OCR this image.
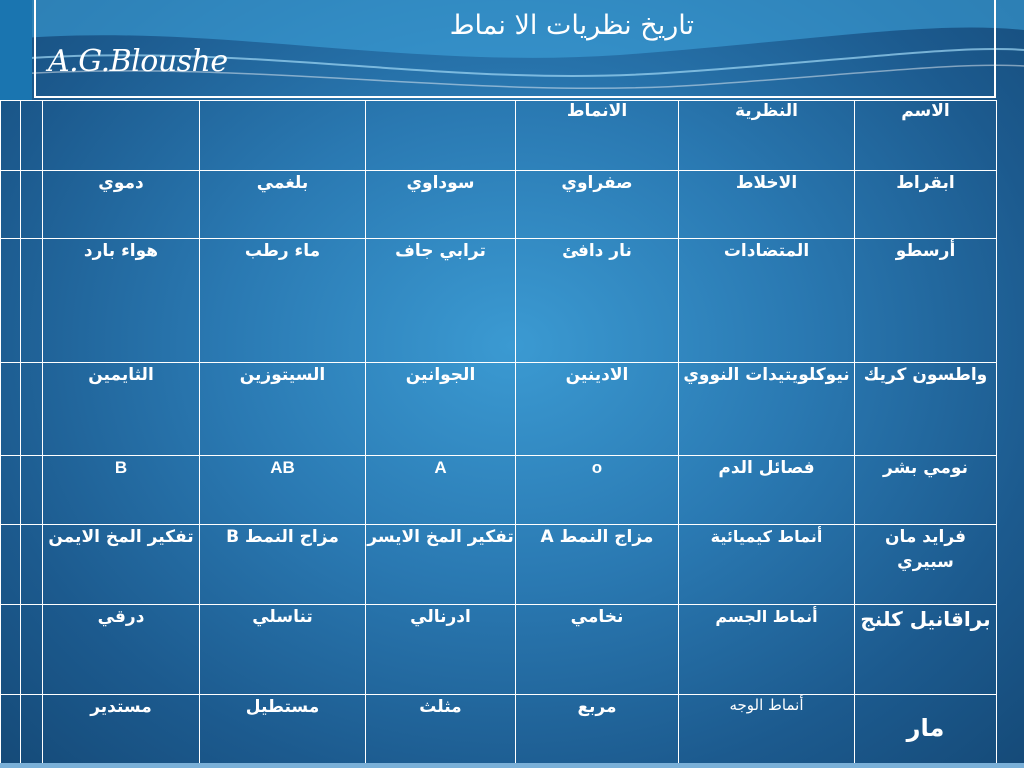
تاريخ نظريات الا نماط
A.G.Bloushe
					الانماط	النظرية	الاسم
		دموي	بلغمي	سوداوي	صفراوي	الاخلاط	ابقراط
		هواء بارد	ماء رطب	ترابي جاف	نار دافئ	المتضادات	أرسطو
		الثايمين	السيتوزين	الجوانين	الادينين	نيوكلويتيدات النووي	واطسون كريك
		B	AB	A	o	فصائل الدم	نومي بشر
		تفكير المخ الايمن	مزاج النمط B	تفكير المخ الايسر	مزاج النمط A	أنماط كيميائية	فرايد مان سبيري
		درقي	تناسلي	ادرنالي	نخامي	أنماط الجسم	براقانيل كلنج
		مستدير	مستطيل	مثلث	مربع	أنماط الوجه	مار
